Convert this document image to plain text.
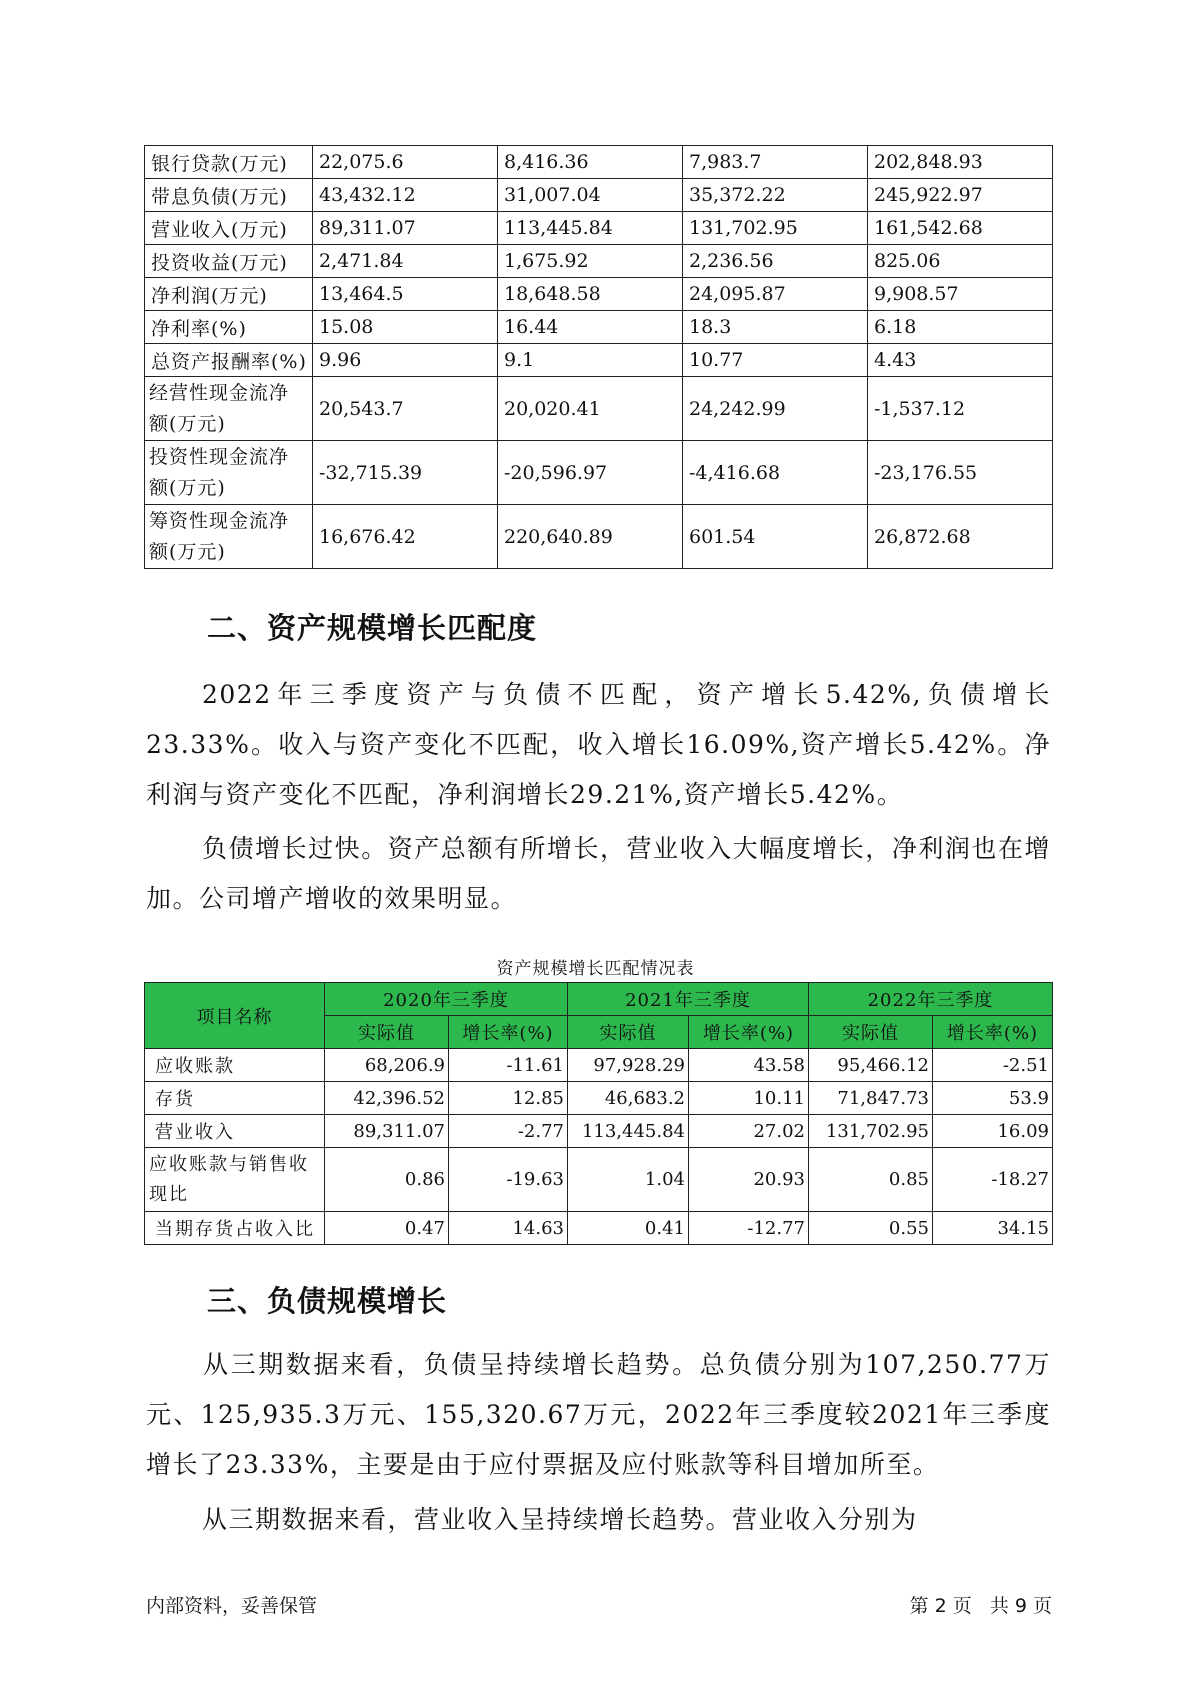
银行贷款(万元)	22,075.6	8,416.36	7,983.7	202,848.93
带息负债(万元)	43,432.12	31,007.04	35,372.22	245,922.97
营业收入(万元)	89,311.07	113,445.84	131,702.95	161,542.68
投资收益(万元)	2,471.84	1,675.92	2,236.56	825.06
净利润(万元)	13,464.5	18,648.58	24,095.87	9,908.57
净利率(%)	15.08	16.44	18.3	6.18
总资产报酬率(%)	9.96	9.1	10.77	4.43
经营性现金流净额(万元)	20,543.7	20,020.41	24,242.99	-1,537.12
投资性现金流净额(万元)	-32,715.39	-20,596.97	-4,416.68	-23,176.55
筹资性现金流净额(万元)	16,676.42	220,640.89	601.54	26,872.68
二、资产规模增长匹配度
2022年三季度资产与负债不匹配，资产增长5.42%,负债增长23.33%。收入与资产变化不匹配，收入增长16.09%,资产增长5.42%。净利润与资产变化不匹配，净利润增长29.21%,资产增长5.42%。
负债增长过快。资产总额有所增长，营业收入大幅度增长，净利润也在增加。公司增产增收的效果明显。
资产规模增长匹配情况表
项目名称	2020年三季度		2021年三季度		2022年三季度	
	实际值	增长率(%)	实际值	增长率(%)	实际值	增长率(%)
应收账款	68,206.9	-11.61	97,928.29	43.58	95,466.12	-2.51
存货	42,396.52	12.85	46,683.2	10.11	71,847.73	53.9
营业收入	89,311.07	-2.77	113,445.84	27.02	131,702.95	16.09
应收账款与销售收现比	0.86	-19.63	1.04	20.93	0.85	-18.27
当期存货占收入比	0.47	14.63	0.41	-12.77	0.55	34.15
三、负债规模增长
从三期数据来看，负债呈持续增长趋势。总负债分别为107,250.77万元、125,935.3万元、155,320.67万元，2022年三季度较2021年三季度增长了23.33%，主要是由于应付票据及应付账款等科目增加所至。
从三期数据来看，营业收入呈持续增长趋势。营业收入分别为
内部资料，妥善保管	第 2 页   共 9 页
